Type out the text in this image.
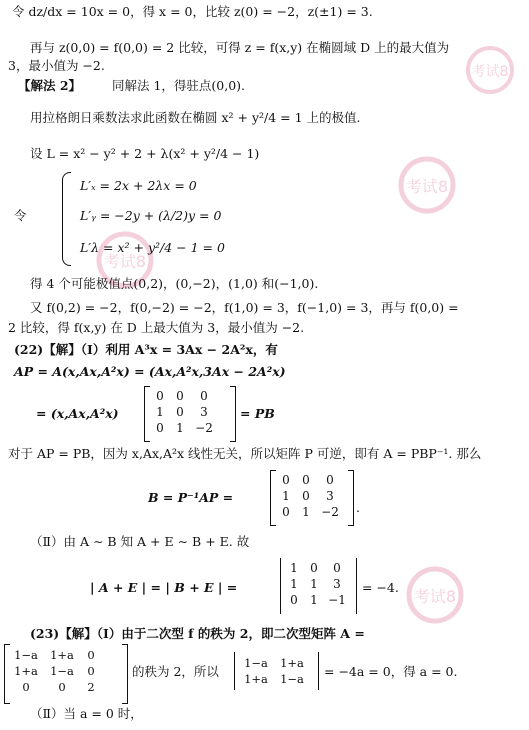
考试8
考试8
考试8
考试8
令 dz/dx = 10x = 0，得 x = 0，比较 z(0) = −2，z(±1) = 3.
再与 z(0,0) = f(0,0) = 2 比较，可得 z = f(x,y) 在椭圆域 D 上的最大值为
3，最小值为 −2.
【解法 2】 同解法 1，得驻点(0,0).
用拉格朗日乘数法求此函数在椭圆 x² + y²/4 = 1 上的极值.
设 L = x² − y² + 2 + λ(x² + y²/4 − 1)
令
L′ₓ = 2x + 2λx = 0
L′ᵧ = −2y + (λ/2)y = 0
L′λ = x² + y²/4 − 1 = 0
得 4 个可能极值点(0,2)，(0,−2)，(1,0) 和(−1,0).
又 f(0,2) = −2，f(0,−2) = −2，f(1,0) = 3，f(−1,0) = 3，再与 f(0,0) =
2 比较，得 f(x,y) 在 D 上最大值为 3，最小值为 −2.
(22)【解】（Ⅰ）利用 A³x = 3Ax − 2A²x，有
AP = A(x,Ax,A²x) = (Ax,A²x,3Ax − 2A²x)
= (x,Ax,A²x)
0	0	0
1	0	3
0	1 −2
= PB
对于 AP = PB，因为 x,Ax,A²x 线性无关，所以矩阵 P 可逆，即有 A = PBP⁻¹. 那么
B = P⁻¹AP =
0	0	0
1	0	3
0	1 −2	.
（Ⅱ）由 A ∼ B 知 A + E ∼ B + E. 故
| A + E | = | B + E | =
1	0	0
1	1	3
0	1 −1
= −4.
(23)【解】（Ⅰ）由于二次型 f 的秩为 2，即二次型矩阵 A =
1−a	1+a	0
1+a	1−a	0
0	0	2
的秩为 2，所以
1−a	1+a
1+a	1−a	= −4a = 0，得 a = 0.
（Ⅱ）当 a = 0 时，
